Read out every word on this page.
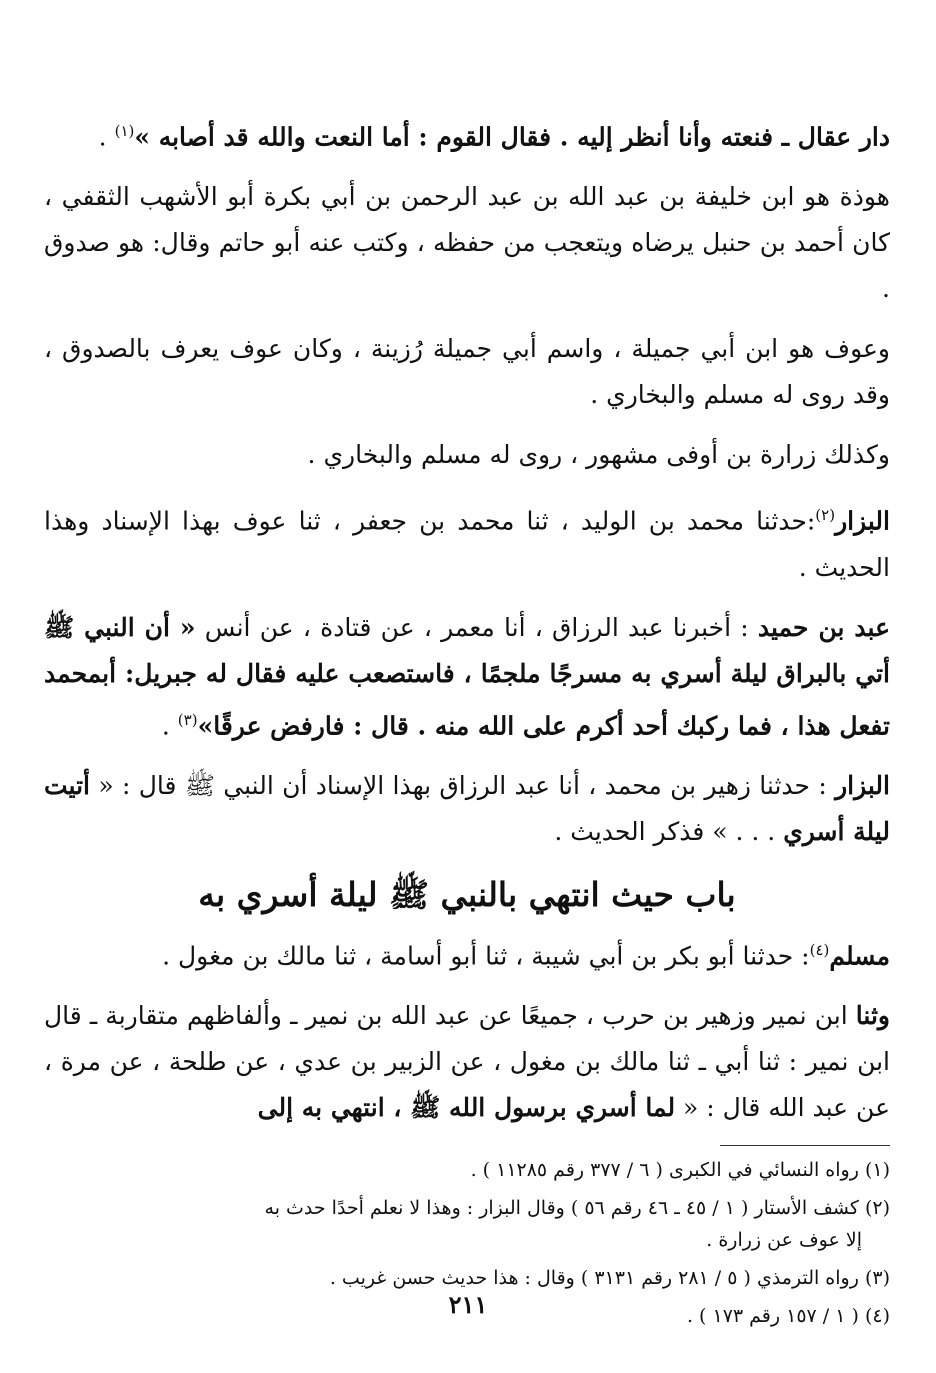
دار عقال ـ فنعته وأنا أنظر إليه . فقال القوم : أما النعت والله قد أصابه »$^{(١)}$ .

هوذة هو ابن خليفة بن عبد الله بن عبد الرحمن بن أبي بكرة أبو الأشهب الثقفي ، كان أحمد بن حنبل يرضاه ويتعجب من حفظه ، وكتب عنه أبو حاتم وقال: هو صدوق .

وعوف هو ابن أبي جميلة ، واسم أبي جميلة رُزينة ، وكان عوف يعرف بالصدوق ، وقد روى له مسلم والبخاري .

وكذلك زرارة بن أوفى مشهور ، روى له مسلم والبخاري .

البزار$^{(٢)}$:حدثنا محمد بن الوليد ، ثنا محمد بن جعفر ، ثنا عوف بهذا الإسناد وهذا الحديث .

عبد بن حميد : أخبرنا عبد الرزاق ، أنا معمر ، عن قتادة ، عن أنس « أن النبي ﷺ أتي بالبراق ليلة أسري به مسرجًا ملجمًا ، فاستصعب عليه فقال له جبريل: أبمحمد تفعل هذا ، فما ركبك أحد أكرم على الله منه . قال : فارفض عرقًا»$^{(٣)}$ .

البزار : حدثنا زهير بن محمد ، أنا عبد الرزاق بهذا الإسناد أن النبي ﷺ قال : « أتيت ليلة أسري . . . » فذكر الحديث .

باب حيث انتهي بالنبي ﷺ ليلة أسري به

مسلم$^{(٤)}$: حدثنا أبو بكر بن أبي شيبة ، ثنا أبو أسامة ، ثنا مالك بن مغول .

وثنا ابن نمير وزهير بن حرب ، جميعًا عن عبد الله بن نمير ـ وألفاظهم متقاربة ـ قال ابن نمير : ثنا أبي ـ ثنا مالك بن مغول ، عن الزبير بن عدي ، عن طلحة ، عن مرة ، عن عبد الله قال : « لما أسري برسول الله ﷺ ، انتهي به إلى

(١) رواه النسائي في الكبرى ( ٦ / ٣٧٧ رقم ١١٢٨٥ ) .

(٢) كشف الأستار ( ١ / ٤٥ ـ ٤٦ رقم ٥٦ ) وقال البزار : وهذا لا نعلم أحدًا حدث به
إلا عوف عن زرارة .

(٣) رواه الترمذي ( ٥ / ٢٨١ رقم ٣١٣١ ) وقال : هذا حديث حسن غريب .

(٤) ( ١ / ١٥٧ رقم ١٧٣ ) .

٢١١
